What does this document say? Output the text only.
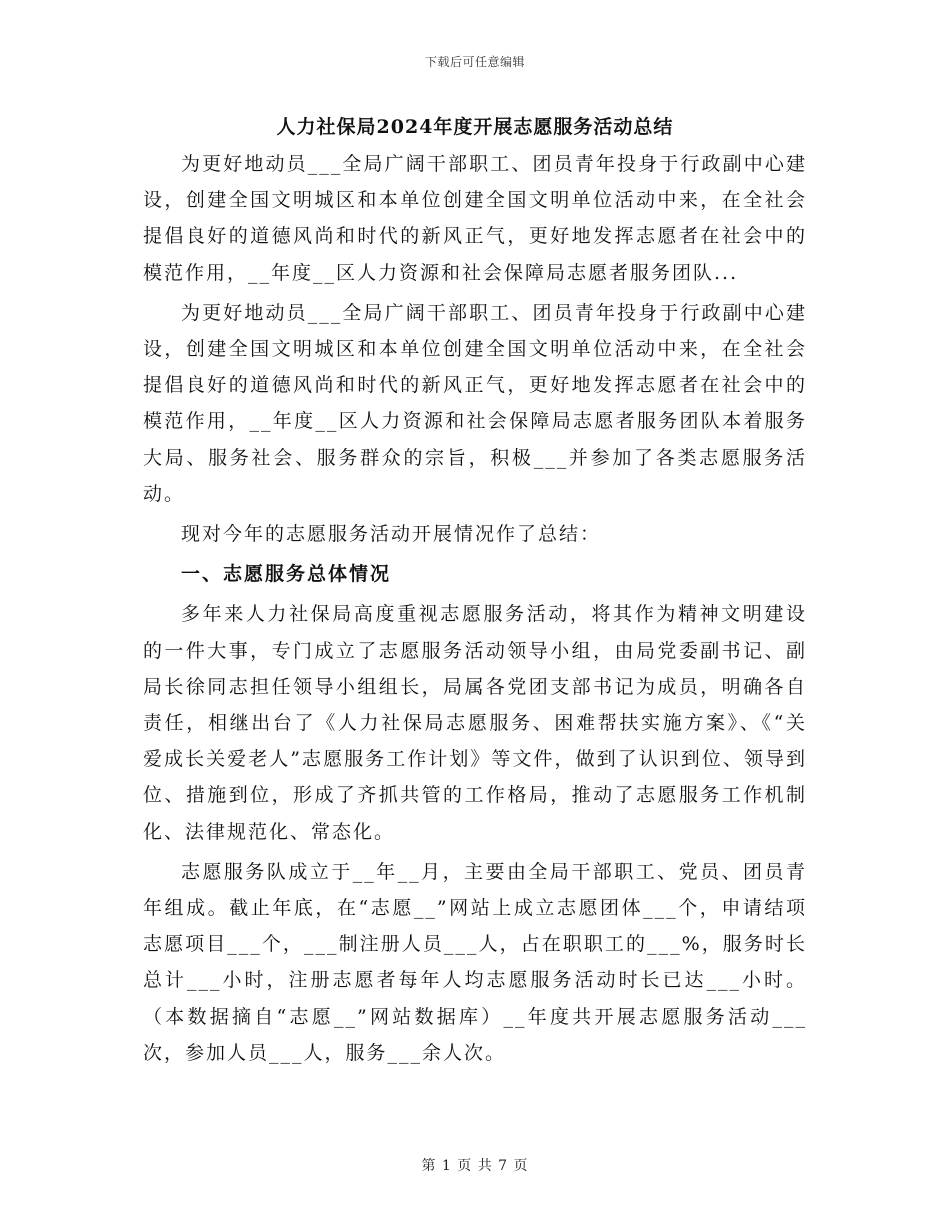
下载后可任意编辑
人力社保局2024年度开展志愿服务活动总结

为更好地动员___全局广阔干部职工、团员青年投身于行政副中心建设，创建全国文明城区和本单位创建全国文明单位活动中来，在全社会提倡良好的道德风尚和时代的新风正气，更好地发挥志愿者在社会中的模范作用，__年度__区人力资源和社会保障局志愿者服务团队...

为更好地动员___全局广阔干部职工、团员青年投身于行政副中心建设，创建全国文明城区和本单位创建全国文明单位活动中来，在全社会提倡良好的道德风尚和时代的新风正气，更好地发挥志愿者在社会中的模范作用，__年度__区人力资源和社会保障局志愿者服务团队本着服务大局、服务社会、服务群众的宗旨，积极___并参加了各类志愿服务活动。

现对今年的志愿服务活动开展情况作了总结：

一、志愿服务总体情况

多年来人力社保局高度重视志愿服务活动，将其作为精神文明建设的一件大事，专门成立了志愿服务活动领导小组，由局党委副书记、副局长徐同志担任领导小组组长，局属各党团支部书记为成员，明确各自责任，相继出台了《人力社保局志愿服务、困难帮扶实施方案》、《“关爱成长关爱老人”志愿服务工作计划》等文件，做到了认识到位、领导到位、措施到位，形成了齐抓共管的工作格局，推动了志愿服务工作机制化、法律规范化、常态化。

志愿服务队成立于__年__月，主要由全局干部职工、党员、团员青年组成。截止年底，在“志愿__”网站上成立志愿团体___个，申请结项志愿项目___个，___制注册人员___人，占在职职工的___%，服务时长总计___小时，注册志愿者每年人均志愿服务活动时长已达___小时。（本数据摘自“志愿__”网站数据库）__年度共开展志愿服务活动___次，参加人员___人，服务___余人次。

第 1 页 共 7 页
